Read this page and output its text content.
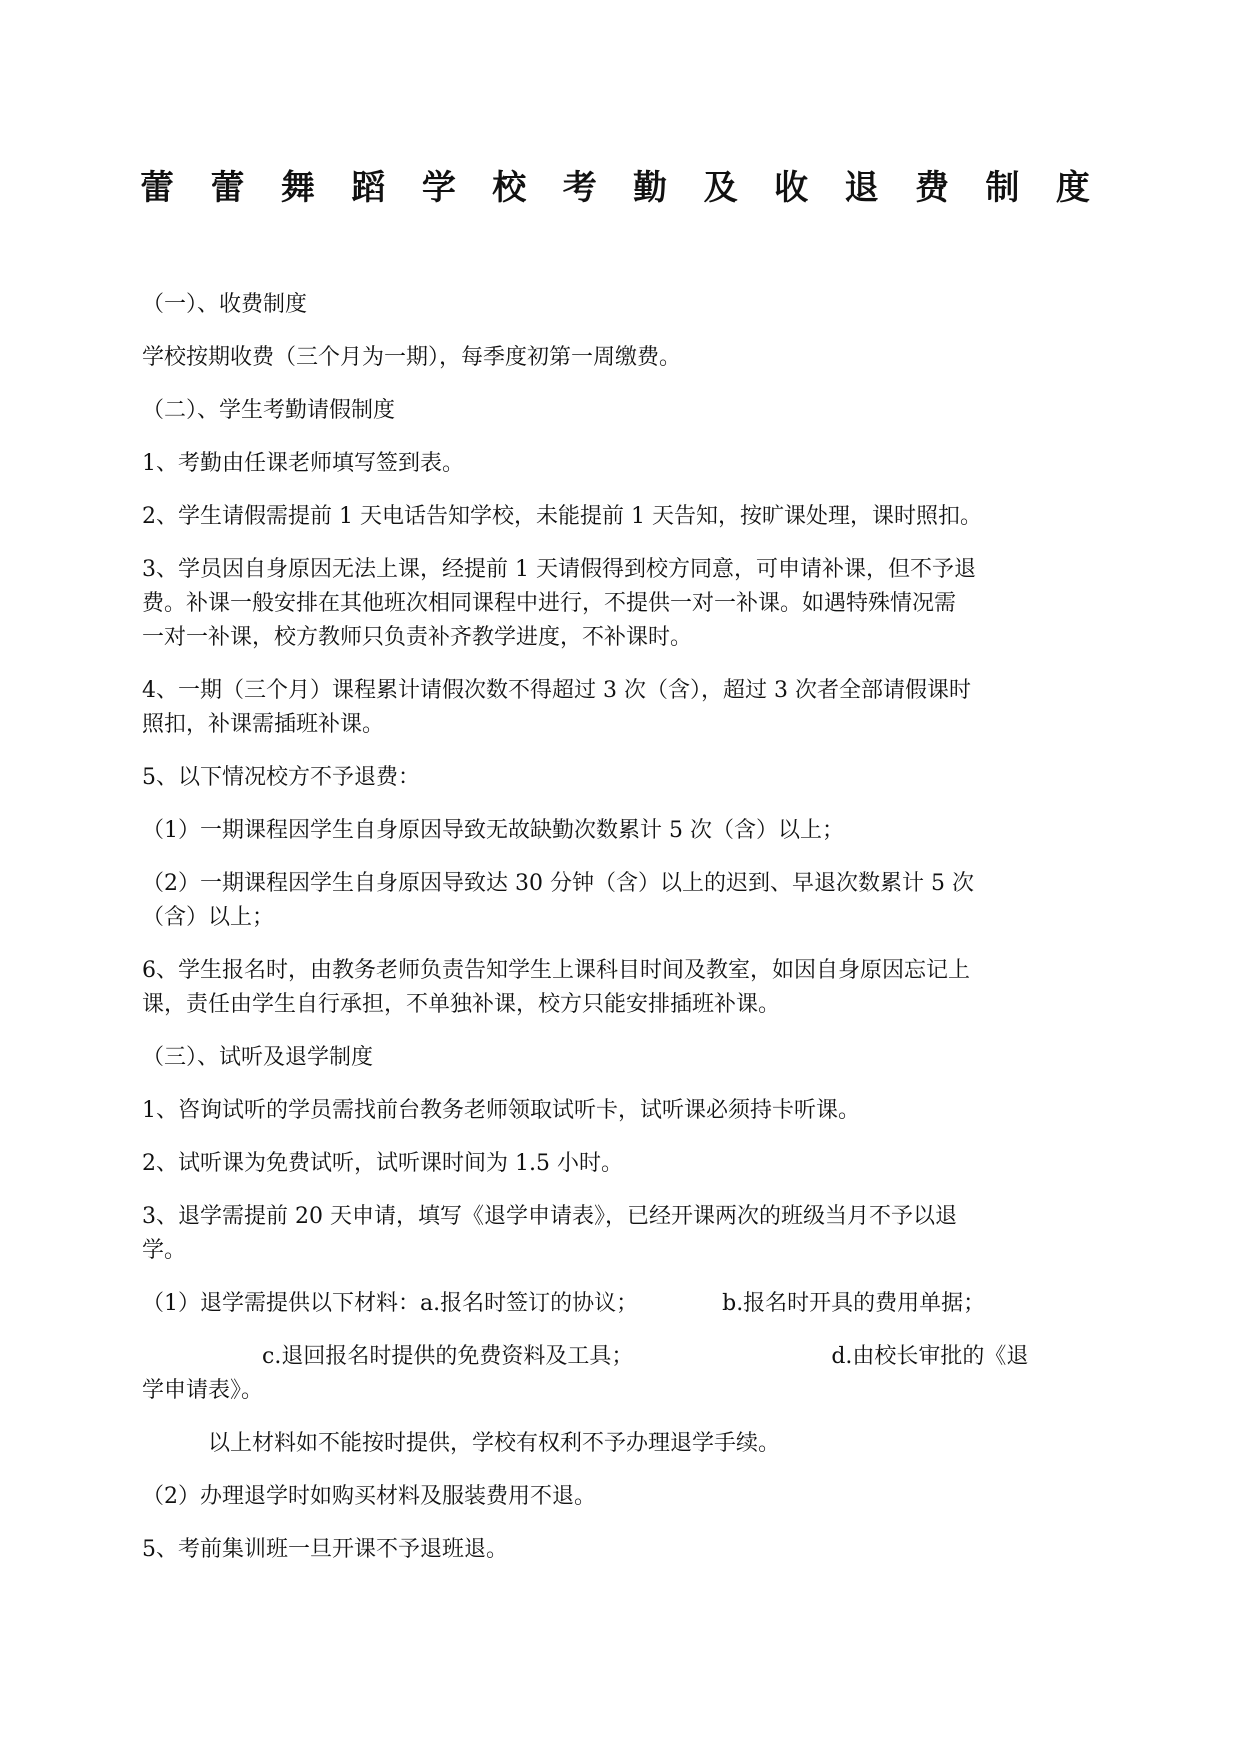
蕾 蕾 舞 蹈 学 校 考 勤 及 收 退 费 制 度

（一）、收费制度

学校按期收费（三个月为一期），每季度初第一周缴费。

（二）、学生考勤请假制度

1、考勤由任课老师填写签到表。

2、学生请假需提前 1 天电话告知学校，未能提前 1 天告知，按旷课处理，课时照扣。

3、学员因自身原因无法上课，经提前 1 天请假得到校方同意，可申请补课，但不予退

费。补课一般安排在其他班次相同课程中进行，不提供一对一补课。如遇特殊情况需

一对一补课，校方教师只负责补齐教学进度，不补课时。

4、一期（三个月）课程累计请假次数不得超过 3 次（含），超过 3 次者全部请假课时

照扣，补课需插班补课。

5、以下情况校方不予退费：

（1）一期课程因学生自身原因导致无故缺勤次数累计 5 次（含）以上；

（2）一期课程因学生自身原因导致达 30 分钟（含）以上的迟到、早退次数累计 5 次

（含）以上；

6、学生报名时，由教务老师负责告知学生上课科目时间及教室，如因自身原因忘记上

课，责任由学生自行承担，不单独补课，校方只能安排插班补课。

（三）、试听及退学制度

1、咨询试听的学员需找前台教务老师领取试听卡，试听课必须持卡听课。

2、试听课为免费试听，试听课时间为 1.5 小时。

3、退学需提前 20 天申请，填写《退学申请表》，已经开课两次的班级当月不予以退

学。

（1）退学需提供以下材料：a.报名时签订的协议；	b.报名时开具的费用单据；

c.退回报名时提供的免费资料及工具；	d.由校长审批的《退

学申请表》。

以上材料如不能按时提供，学校有权利不予办理退学手续。

（2）办理退学时如购买材料及服装费用不退。

5、考前集训班一旦开课不予退班退。
